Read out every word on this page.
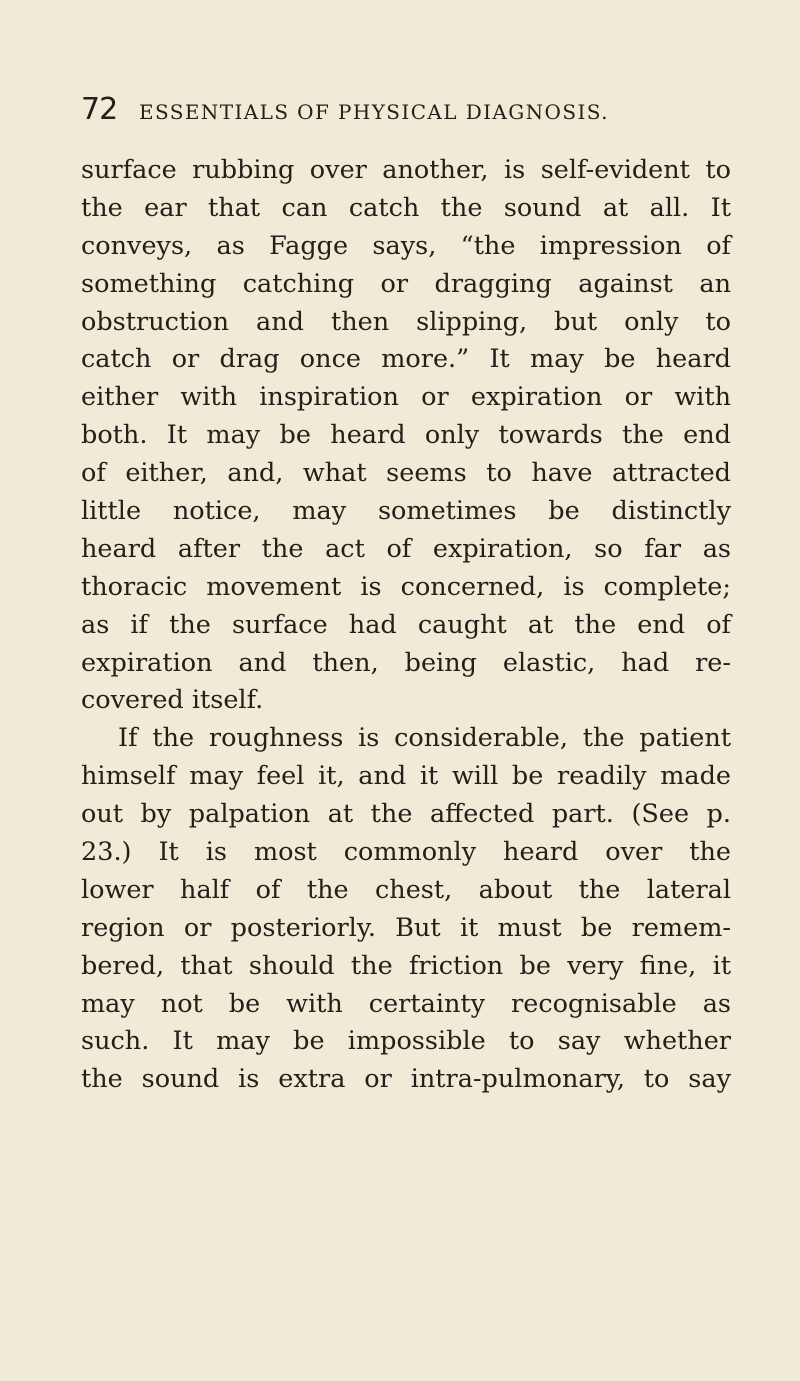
72 ESSENTIALS OF PHYSICAL DIAGNOSIS.
surface rubbing over another, is self-evident to
the ear that can catch the sound at all. It
conveys, as Fagge says, “the impression of
something catching or dragging against an
obstruction and then slipping, but only to
catch or drag once more.” It may be heard
either with inspiration or expiration or with
both. It may be heard only towards the end
of either, and, what seems to have attracted
little notice, may sometimes be distinctly
heard after the act of expiration, so far as
thoracic movement is concerned, is complete;
as if the surface had caught at the end of
expiration and then, being elastic, had re-
covered itself.
If the roughness is considerable, the patient
himself may feel it, and it will be readily made
out by palpation at the affected part. (See p.
23.) It is most commonly heard over the
lower half of the chest, about the lateral
region or posteriorly. But it must be remem-
bered, that should the friction be very fine, it
may not be with certainty recognisable as
such. It may be impossible to say whether
the sound is extra or intra-pulmonary, to say
